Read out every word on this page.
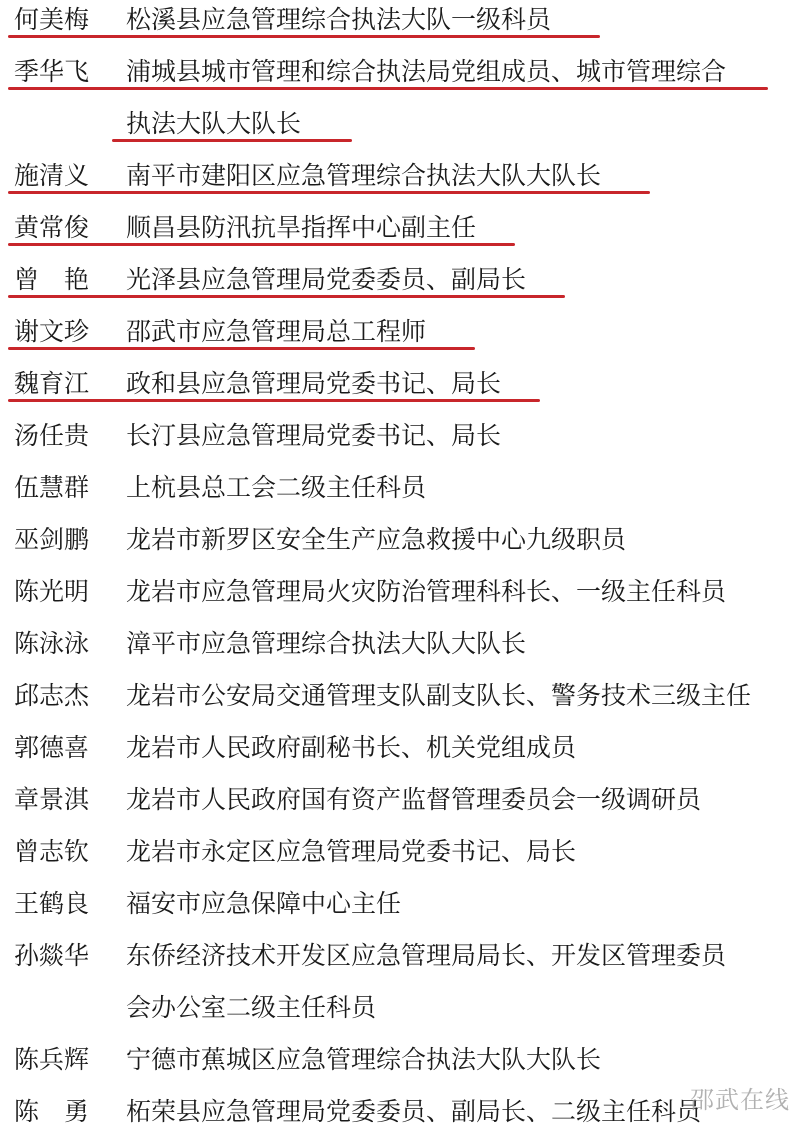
何美梅 松溪县应急管理综合执法大队一级科员
季华飞 浦城县城市管理和综合执法局党组成员、城市管理综合
执法大队大队长
施清义 南平市建阳区应急管理综合执法大队大队长
黄常俊 顺昌县防汛抗旱指挥中心副主任
曾　艳 光泽县应急管理局党委委员、副局长
谢文珍 邵武市应急管理局总工程师
魏育江 政和县应急管理局党委书记、局长
汤任贵 长汀县应急管理局党委书记、局长
伍慧群 上杭县总工会二级主任科员
巫剑鹏 龙岩市新罗区安全生产应急救援中心九级职员
陈光明 龙岩市应急管理局火灾防治管理科科长、一级主任科员
陈泳泳 漳平市应急管理综合执法大队大队长
邱志杰 龙岩市公安局交通管理支队副支队长、警务技术三级主任
郭德喜 龙岩市人民政府副秘书长、机关党组成员
章景淇 龙岩市人民政府国有资产监督管理委员会一级调研员
曾志钦 龙岩市永定区应急管理局党委书记、局长
王鹤良 福安市应急保障中心主任
孙燚华 东侨经济技术开发区应急管理局局长、开发区管理委员
会办公室二级主任科员
陈兵辉 宁德市蕉城区应急管理综合执法大队大队长
陈　勇 柘荣县应急管理局党委委员、副局长、二级主任科员
邵武在线
